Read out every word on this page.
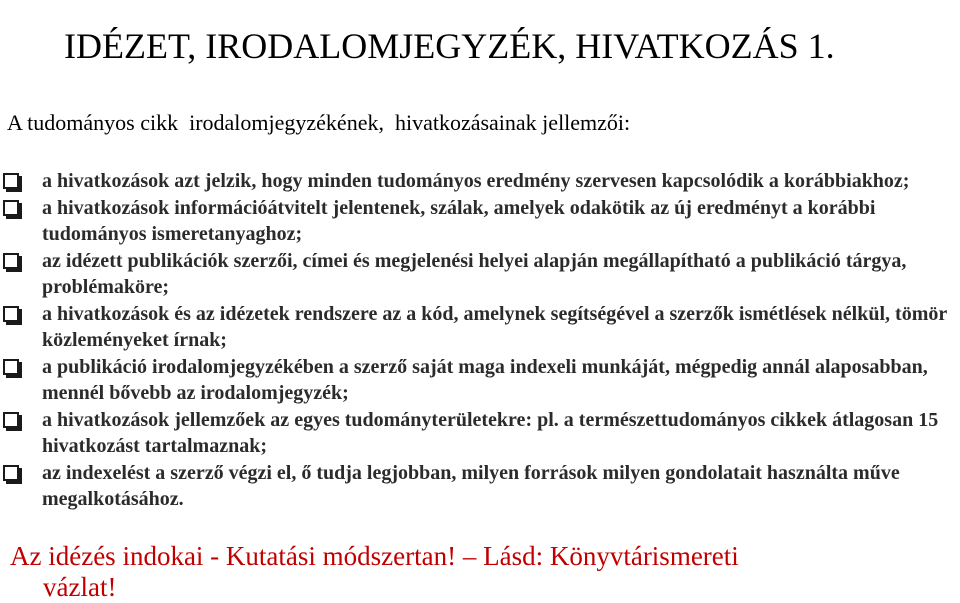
IDÉZET, IRODALOMJEGYZÉK, HIVATKOZÁS 1.
A tudományos cikk  irodalomjegyzékének,  hivatkozásainak jellemzői:
a hivatkozások azt jelzik, hogy minden tudományos eredmény szervesen kapcsolódik a korábbiakhoz;
a hivatkozások információátvitelt jelentenek, szálak, amelyek odakötik az új eredményt a korábbi tudományos ismeretanyaghoz;
az idézett publikációk szerzői, címei és megjelenési helyei alapján megállapítható a publikáció tárgya, problémaköre;
a hivatkozások és az idézetek rendszere az a kód, amelynek segítségével a szerzők ismétlések nélkül, tömör közleményeket írnak;
a publikáció irodalomjegyzékében a szerző saját maga indexeli munkáját, mégpedig annál alaposabban, mennél bővebb az irodalomjegyzék;
a hivatkozások jellemzőek az egyes tudományterületekre: pl. a természettudományos cikkek átlagosan 15 hivatkozást tartalmaznak;
az indexelést a szerző végzi el, ő tudja legjobban, milyen források milyen gondolatait használta műve megalkotásához.
Az idézés indokai - Kutatási módszertan! – Lásd: Könyvtárismereti
vázlat!
